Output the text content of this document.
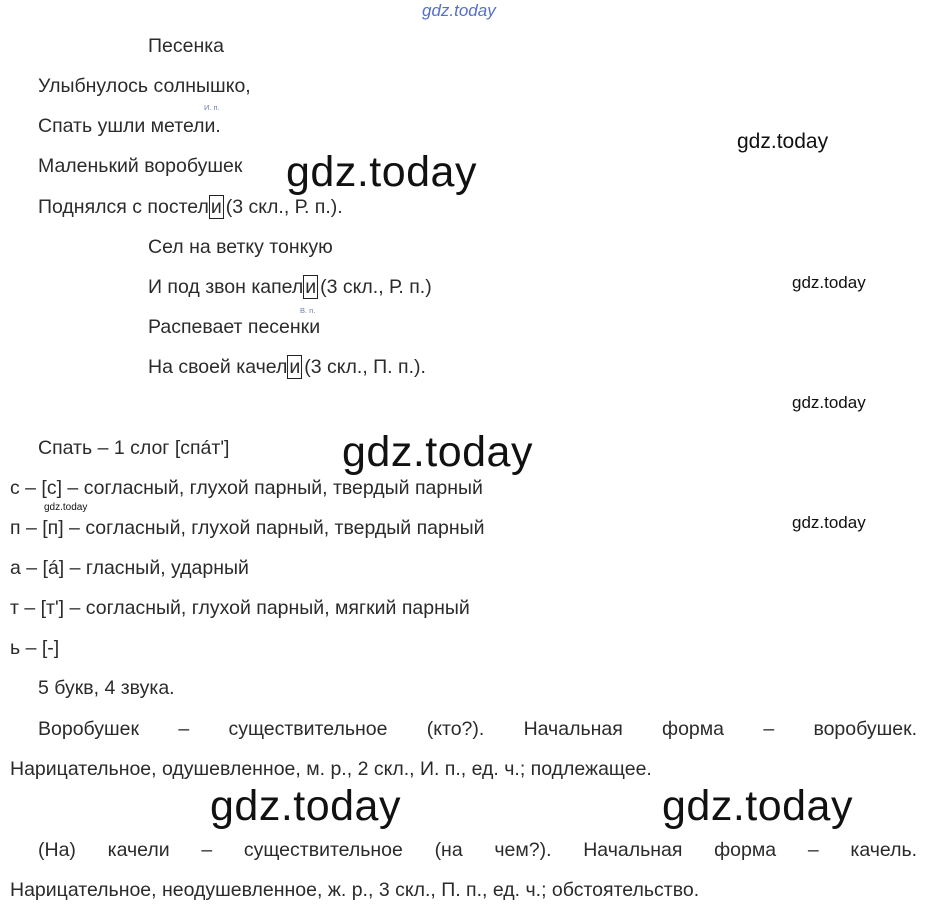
gdz.today
Песенка
Улыбнулось солнышко,
И. п.
Спать ушли метели.
Маленький воробушек
Поднялся с постел и (3 скл., Р. п.).
Сел на ветку тонкую
И под звон капел и (3 скл., Р. п.)
В. п.
Распевает песенки
На своей качел и (3 скл., П. п.).
Спать – 1 слог [спáт']
с – [с] – согласный, глухой парный, твердый парный
п – [п] – согласный, глухой парный, твердый парный
а – [á] – гласный, ударный
т – [т'] – согласный, глухой парный, мягкий парный
ь – [-]
5 букв, 4 звука.
Воробушек – существительное (кто?). Начальная форма – воробушек.
Нарицательное, одушевленное, м. р., 2 скл., И. п., ед. ч.; подлежащее.
(На) качели – существительное (на чем?). Начальная форма – качель.
Нарицательное, неодушевленное, ж. р., 3 скл., П. п., ед. ч.; обстоятельство.
gdz.today
gdz.today
gdz.today
gdz.today
gdz.today
gdz.today
gdz.today
gdz.today	gdz.today
